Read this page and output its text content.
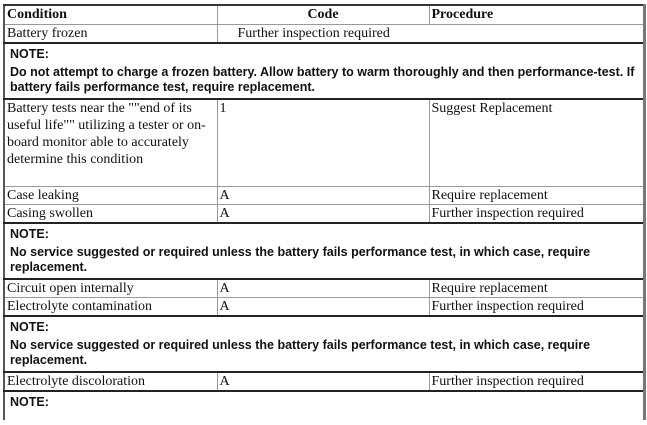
Condition	Code	Procedure
Battery frozen	Further inspection required	

NOTE:
Do not attempt to charge a frozen battery. Allow battery to warm thoroughly and then performance-test. If battery fails performance test, require replacement.		

Battery tests near the ""end of its useful life"" utilizing a tester or on-board monitor able to accurately determine this condition	1	Suggest Replacement
Case leaking	A	Require replacement
Casing swollen	A	Further inspection required

NOTE:
No service suggested or required unless the battery fails performance test, in which case, require replacement.		

Circuit open internally	A	Require replacement
Electrolyte contamination	A	Further inspection required

NOTE:
No service suggested or required unless the battery fails performance test, in which case, require replacement.		

Electrolyte discoloration	A	Further inspection required

NOTE:		
